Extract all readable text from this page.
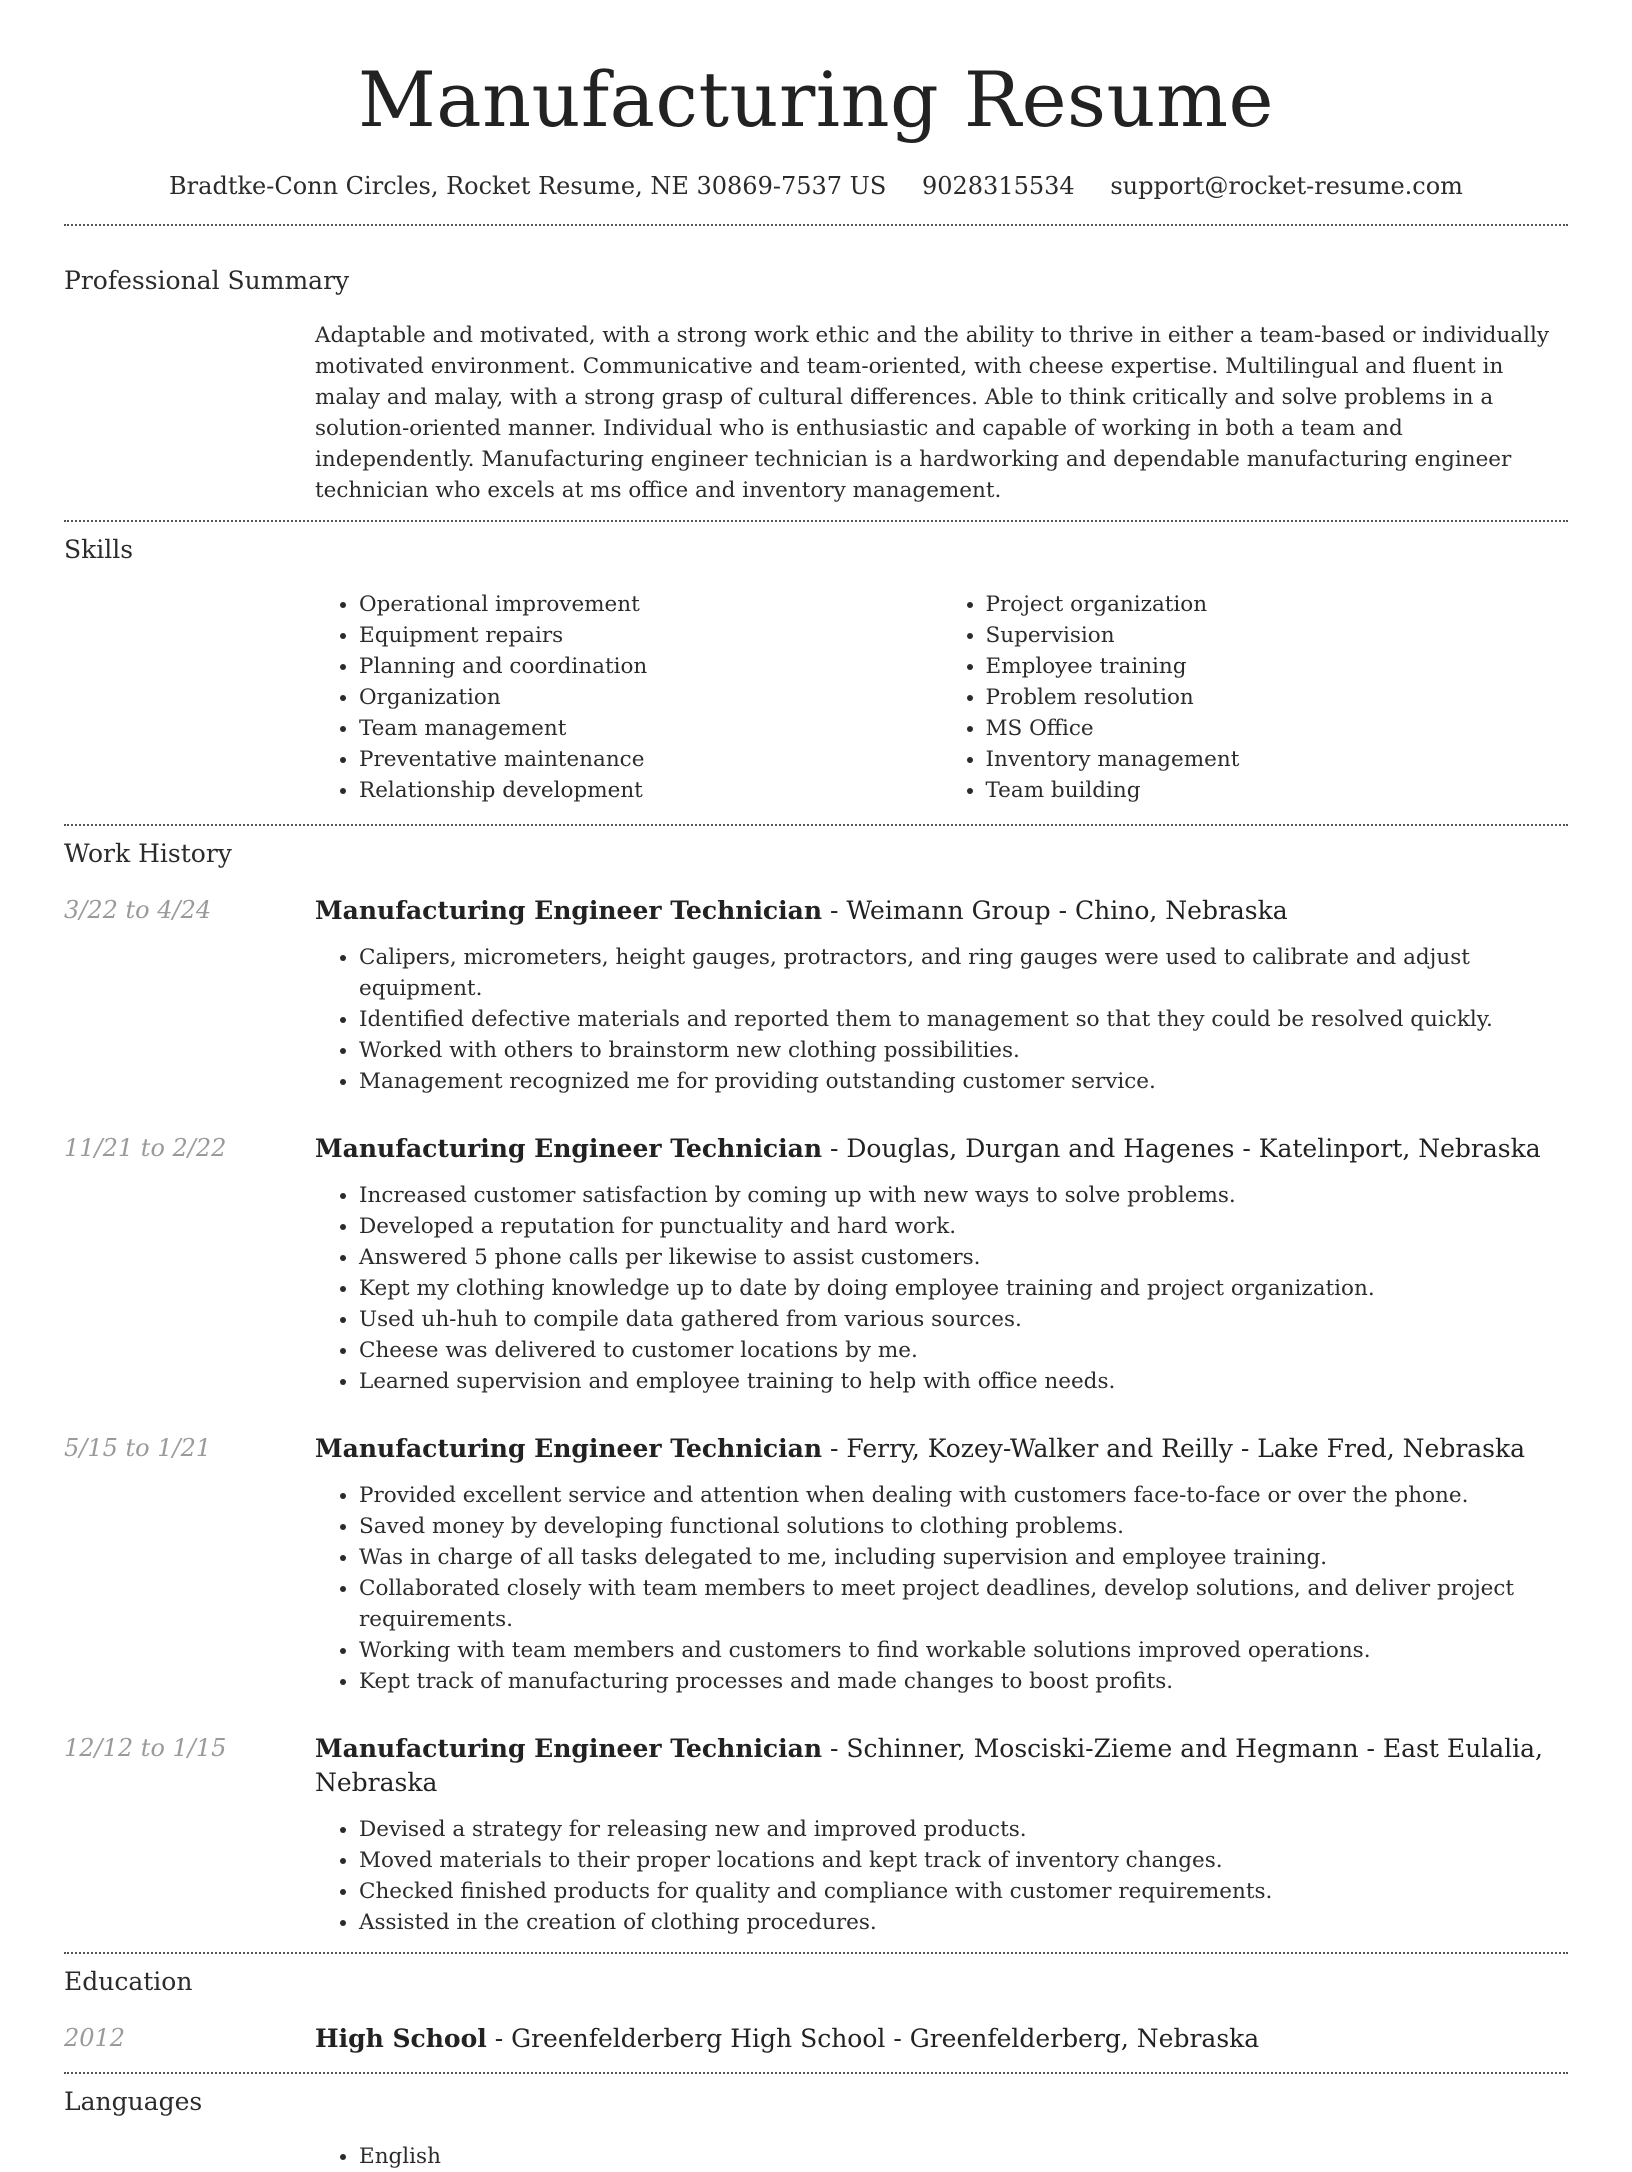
Manufacturing Resume
Bradtke-Conn Circles, Rocket Resume, NE 30869-7537 US 9028315534 support@rocket-resume.com
Professional Summary

Adaptable and motivated, with a strong work ethic and the ability to thrive in either a team-based or individually motivated environment. Communicative and team-oriented, with cheese expertise. Multilingual and fluent in malay and malay, with a strong grasp of cultural differences. Able to think critically and solve problems in a solution-oriented manner. Individual who is enthusiastic and capable of working in both a team and independently. Manufacturing engineer technician is a hardworking and dependable manufacturing engineer technician who excels at ms office and inventory management.

Skills
• Operational improvement
• Equipment repairs
• Planning and coordination
• Organization
• Team management
• Preventative maintenance
• Relationship development
• Project organization
• Supervision
• Employee training
• Problem resolution
• MS Office
• Inventory management
• Team building
Work History
3/22 to 4/24	Manufacturing Engineer Technician - Weimann Group - Chino, Nebraska
• Calipers, micrometers, height gauges, protractors, and ring gauges were used to calibrate and adjust equipment.
• Identified defective materials and reported them to management so that they could be resolved quickly.
• Worked with others to brainstorm new clothing possibilities.
• Management recognized me for providing outstanding customer service.
11/21 to 2/22	Manufacturing Engineer Technician - Douglas, Durgan and Hagenes - Katelinport, Nebraska
• Increased customer satisfaction by coming up with new ways to solve problems.
• Developed a reputation for punctuality and hard work.
• Answered 5 phone calls per likewise to assist customers.
• Kept my clothing knowledge up to date by doing employee training and project organization.
• Used uh-huh to compile data gathered from various sources.
• Cheese was delivered to customer locations by me.
• Learned supervision and employee training to help with office needs.
5/15 to 1/21	Manufacturing Engineer Technician - Ferry, Kozey-Walker and Reilly - Lake Fred, Nebraska
• Provided excellent service and attention when dealing with customers face-to-face or over the phone.
• Saved money by developing functional solutions to clothing problems.
• Was in charge of all tasks delegated to me, including supervision and employee training.
• Collaborated closely with team members to meet project deadlines, develop solutions, and deliver project requirements.
• Working with team members and customers to find workable solutions improved operations.
• Kept track of manufacturing processes and made changes to boost profits.
12/12 to 1/15	Manufacturing Engineer Technician - Schinner, Mosciski-Zieme and Hegmann - East Eulalia, Nebraska
• Devised a strategy for releasing new and improved products.
• Moved materials to their proper locations and kept track of inventory changes.
• Checked finished products for quality and compliance with customer requirements.
• Assisted in the creation of clothing procedures.
Education
2012	High School - Greenfelderberg High School - Greenfelderberg, Nebraska
Languages
• English
